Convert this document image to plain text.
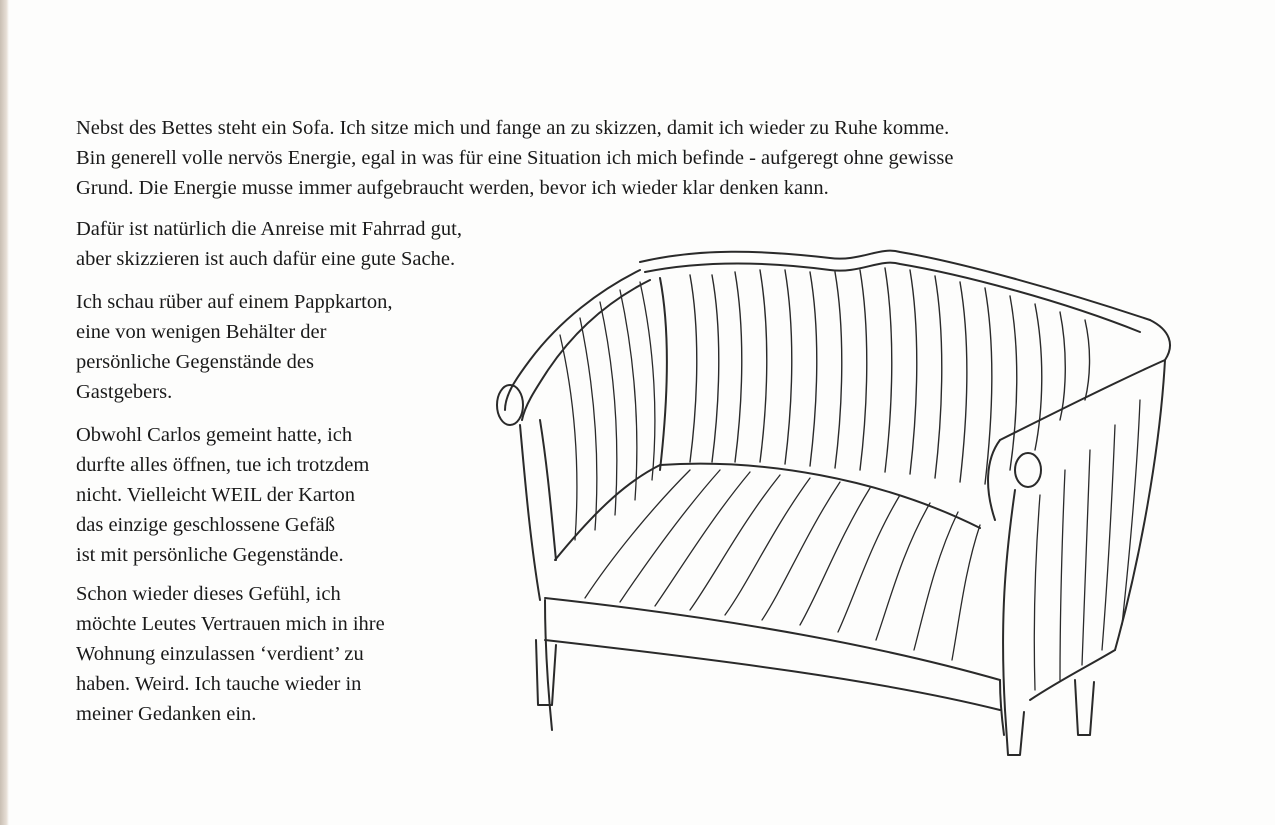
Nebst des Bettes steht ein Sofa. Ich sitze mich und fange an zu skizzen, damit ich wieder zu Ruhe komme.
Bin generell volle nervös Energie, egal in was für eine Situation ich mich befinde - aufgeregt ohne gewisse
Grund. Die Energie musse immer aufgebraucht werden, bevor ich wieder klar denken kann.

Dafür ist natürlich die Anreise mit Fahrrad gut,
aber skizzieren ist auch dafür eine gute Sache.

Ich schau rüber auf einem Pappkarton,
eine von wenigen Behälter der
persönliche Gegenstände des
Gastgebers.

Obwohl Carlos gemeint hatte, ich
durfte alles öffnen, tue ich trotzdem
nicht. Vielleicht WEIL der Karton
das einzige geschlossene Gefäß
ist mit persönliche Gegenstände.

Schon wieder dieses Gefühl, ich
möchte Leutes Vertrauen mich in ihre
Wohnung einzulassen ‘verdient’ zu
haben. Weird. Ich tauche wieder in
meiner Gedanken ein.
